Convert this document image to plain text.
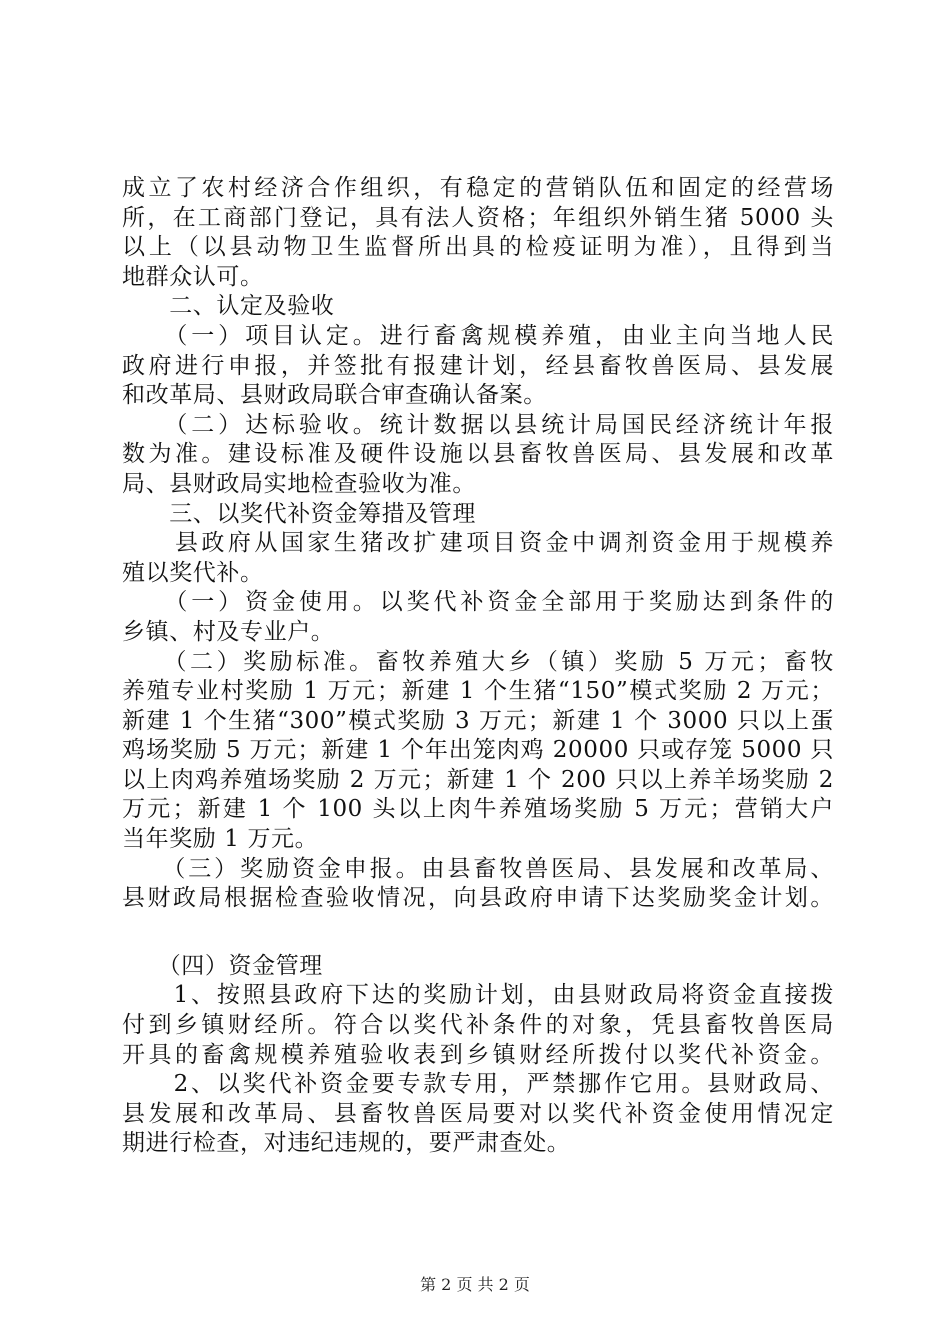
成立了农村经济合作组织，有稳定的营销队伍和固定的经营场
所，在工商部门登记，具有法人资格；年组织外销生猪 5000 头
以上（以县动物卫生监督所出具的检疫证明为准），且得到当
地群众认可。
　　二、认定及验收
　　（一）项目认定。进行畜禽规模养殖，由业主向当地人民
政府进行申报，并签批有报建计划，经县畜牧兽医局、县发展
和改革局、县财政局联合审查确认备案。
　　（二）达标验收。统计数据以县统计局国民经济统计年报
数为准。建设标准及硬件设施以县畜牧兽医局、县发展和改革
局、县财政局实地检查验收为准。
　　三、以奖代补资金筹措及管理
　　县政府从国家生猪改扩建项目资金中调剂资金用于规模养
殖以奖代补。
　　（一）资金使用。以奖代补资金全部用于奖励达到条件的
乡镇、村及专业户。
　　（二）奖励标准。畜牧养殖大乡（镇）奖励 5 万元；畜牧
养殖专业村奖励 1 万元；新建 1 个生猪“150”模式奖励 2 万元；
新建 1 个生猪“300”模式奖励 3 万元；新建 1 个 3000 只以上蛋
鸡场奖励 5 万元；新建 1 个年出笼肉鸡 20000 只或存笼 5000 只
以上肉鸡养殖场奖励 2 万元；新建 1 个 200 只以上养羊场奖励 2
万元；新建 1 个 100 头以上肉牛养殖场奖励 5 万元；营销大户
当年奖励 1 万元。
　　（三）奖励资金申报。由县畜牧兽医局、县发展和改革局、
县财政局根据检查验收情况，向县政府申请下达奖励奖金计划。
　　（四）资金管理
　　1、按照县政府下达的奖励计划，由县财政局将资金直接拨
付到乡镇财经所。符合以奖代补条件的对象，凭县畜牧兽医局
开具的畜禽规模养殖验收表到乡镇财经所拨付以奖代补资金。
　　2、以奖代补资金要专款专用，严禁挪作它用。县财政局、
县发展和改革局、县畜牧兽医局要对以奖代补资金使用情况定
期进行检查，对违纪违规的，要严肃查处。
第 2 页 共 2 页
